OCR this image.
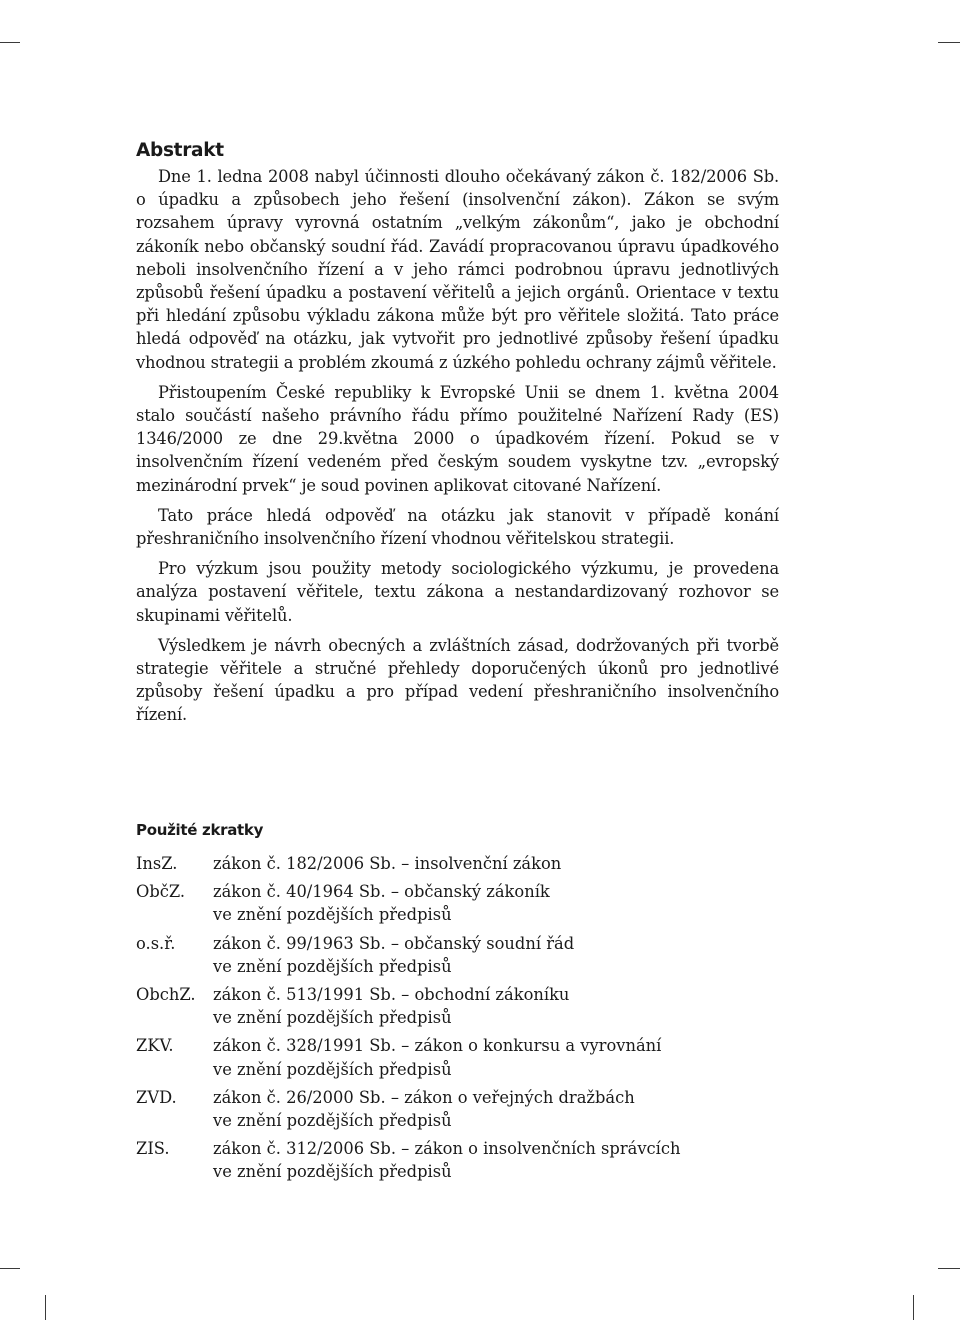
Abstrakt

Dne 1. ledna 2008 nabyl účinnosti dlouho očekávaný zákon č. 182/2006 Sb. o úpadku a způsobech jeho řešení (insolvenční zákon). Zákon se svým rozsahem úpravy vyrovná ostatním „velkým zákonům“, jako je obchodní zákoník nebo občanský soudní řád. Zavádí propracovanou úpravu úpadkového neboli insolvenčního řízení a v jeho rámci podrobnou úpravu jednotlivých způsobů řešení úpadku a postavení věřitelů a jejich orgánů. Orientace v textu při hledání způsobu výkladu zákona může být pro věřitele složitá. Tato práce hledá odpověď na otázku, jak vytvořit pro jednotlivé způsoby řešení úpadku vhodnou strategii a problém zkoumá z úzkého pohledu ochrany zájmů věřitele.

Přistoupením České republiky k Evropské Unii se dnem 1. května 2004 stalo součástí našeho právního řádu přímo použitelné Nařízení Rady (ES) 1346/2000 ze dne 29.května 2000 o úpadkovém řízení. Pokud se v insolvenčním řízení vedeném před českým soudem vyskytne tzv. „evropský mezinárodní prvek“ je soud povinen aplikovat citované Nařízení.

Tato práce hledá odpověď na otázku jak stanovit v případě konání přeshraničního insolvenčního řízení vhodnou věřitelskou strategii.

Pro výzkum jsou použity metody sociologického výzkumu, je provedena analýza postavení věřitele, textu zákona a nestandardizovaný rozhovor se skupinami věřitelů.

Výsledkem je návrh obecných a zvláštních zásad, dodržovaných při tvorbě strategie věřitele a stručné přehledy doporučených úkonů pro jednotlivé způsoby řešení úpadku a pro případ vedení přeshraničního insolvenčního řízení.

Použité zkratky
InsZ.	zákon č. 182/2006 Sb. – insolvenční zákon
ObčZ.	zákon č. 40/1964 Sb. – občanský zákoník
ve znění pozdějších předpisů
o.s.ř.	zákon č. 99/1963 Sb. – občanský soudní řád
ve znění pozdějších předpisů
ObchZ.	zákon č. 513/1991 Sb. – obchodní zákoníku
ve znění pozdějších předpisů
ZKV.	zákon č. 328/1991 Sb. – zákon o konkursu a vyrovnání
ve znění pozdějších předpisů
ZVD.	zákon č. 26/2000 Sb. – zákon o veřejných dražbách
ve znění pozdějších předpisů
ZIS.	zákon č. 312/2006 Sb. – zákon o insolvenčních správcích
ve znění pozdějších předpisů
